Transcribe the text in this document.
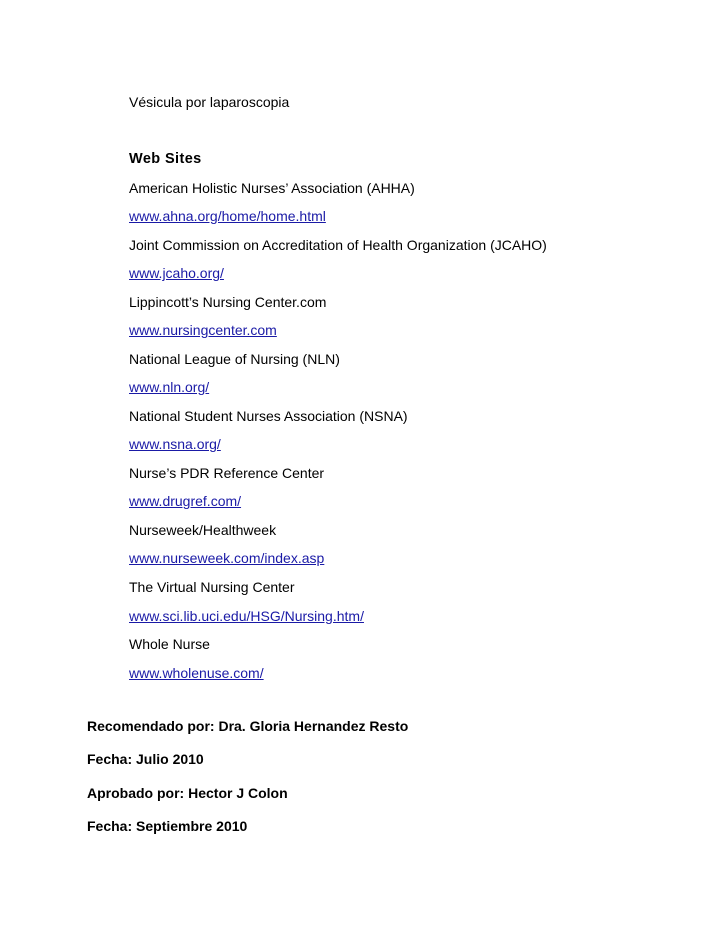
Vésicula por laparoscopia
Web Sites
American Holistic Nurses’ Association (AHHA)
www.ahna.org/home/home.html
Joint Commission on Accreditation of Health Organization (JCAHO)
www.jcaho.org/
Lippincott’s Nursing Center.com
www.nursingcenter.com
National League of Nursing (NLN)
www.nln.org/
National Student Nurses Association (NSNA)
www.nsna.org/
Nurse’s PDR Reference Center
www.drugref.com/
Nurseweek/Healthweek
www.nurseweek.com/index.asp
The Virtual Nursing Center
www.sci.lib.uci.edu/HSG/Nursing.htm/
Whole Nurse
www.wholenuse.com/
Recomendado por: Dra. Gloria Hernandez Resto
Fecha: Julio 2010
Aprobado por: Hector J Colon
Fecha: Septiembre 2010
